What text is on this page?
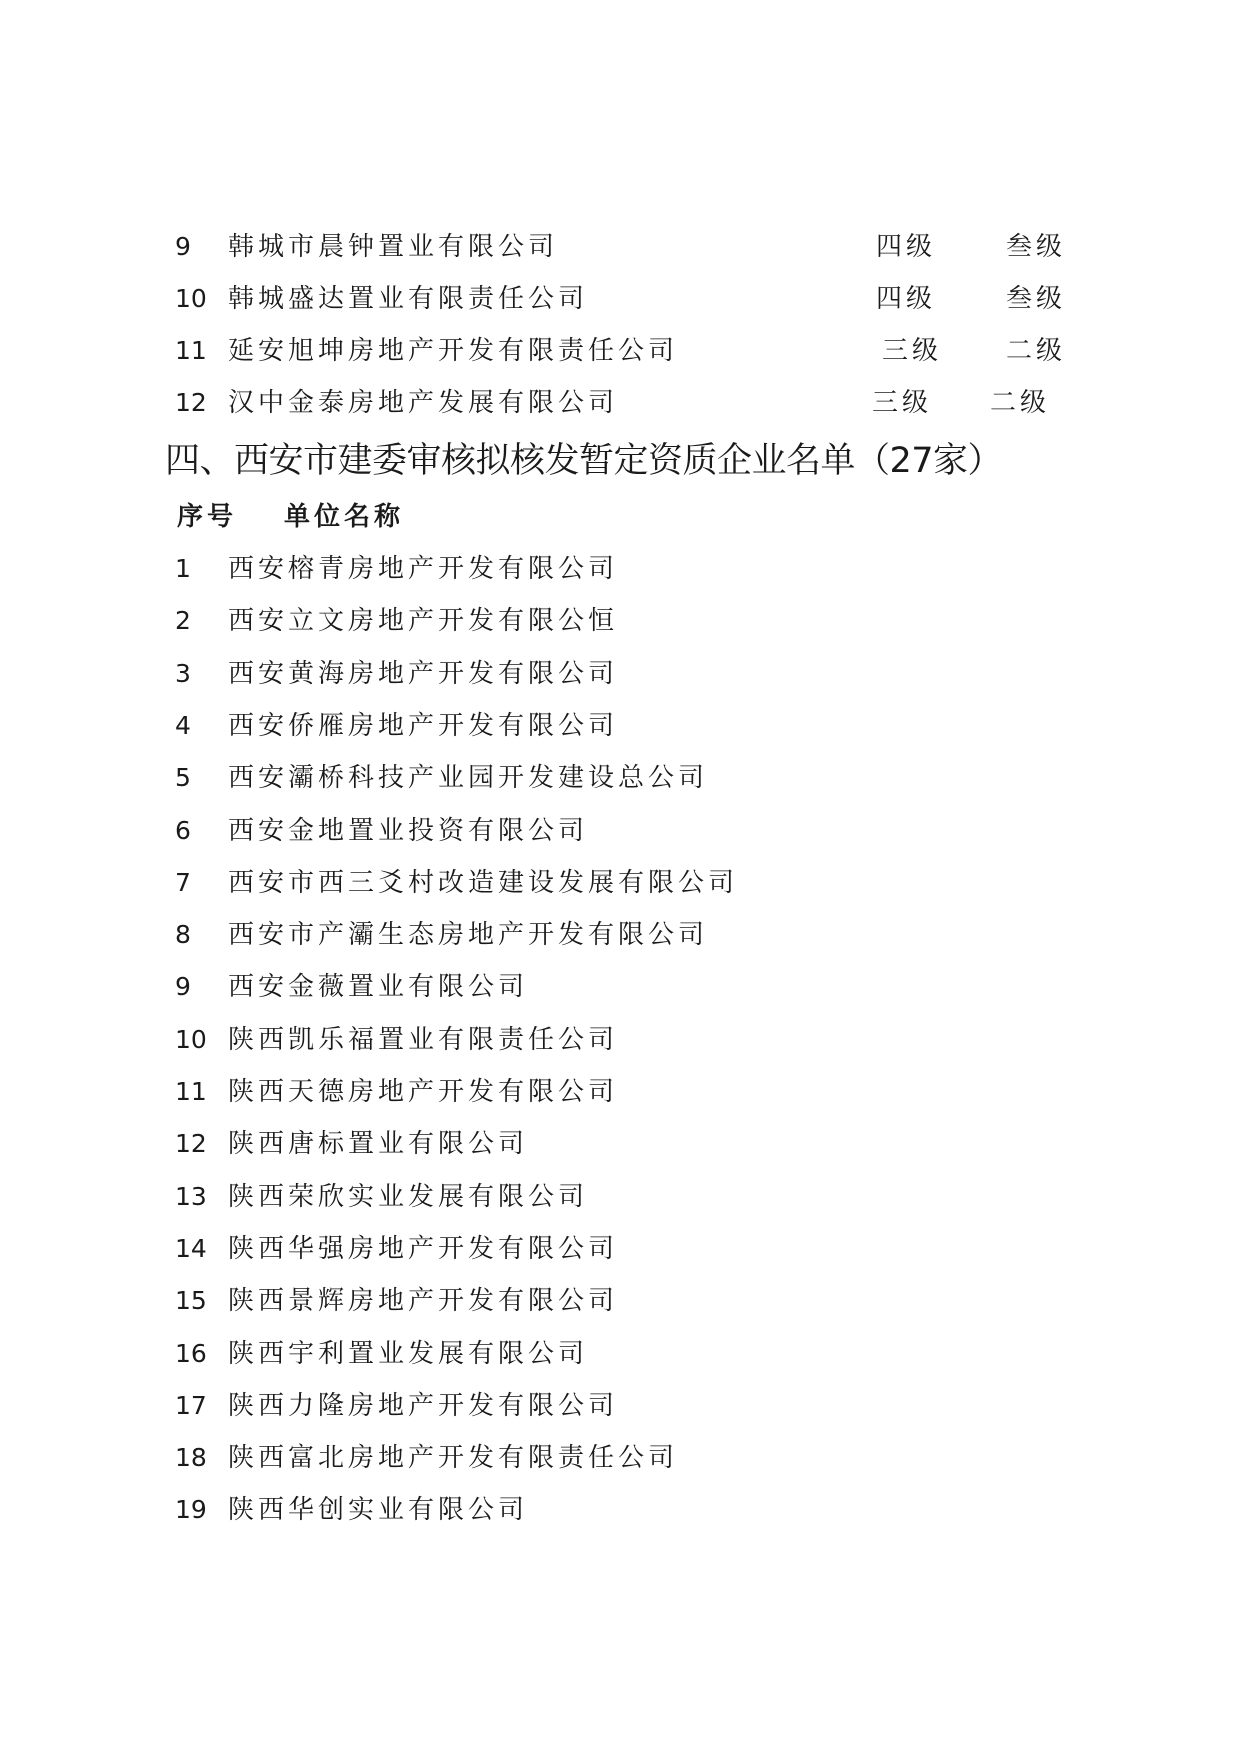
9 韩城市晨钟置业有限公司	四级	叁级
10 韩城盛达置业有限责任公司	四级	叁级
11 延安旭坤房地产开发有限责任公司	三级 二级
12 汉中金泰房地产发展有限公司	三级 二级
四、西安市建委审核拟核发暂定资质企业名单（27家）
序号 单位名称
1 西安榕青房地产开发有限公司
2 西安立文房地产开发有限公恒
3 西安黄海房地产开发有限公司
4 西安侨雁房地产开发有限公司
5 西安灞桥科技产业园开发建设总公司
6 西安金地置业投资有限公司
7 西安市西三爻村改造建设发展有限公司
8 西安市产灞生态房地产开发有限公司
9 西安金薇置业有限公司
10 陕西凯乐福置业有限责任公司
11 陕西天德房地产开发有限公司
12 陕西唐标置业有限公司
13 陕西荣欣实业发展有限公司
14 陕西华强房地产开发有限公司
15 陕西景辉房地产开发有限公司
16 陕西宇利置业发展有限公司
17 陕西力隆房地产开发有限公司
18 陕西富北房地产开发有限责任公司
19 陕西华创实业有限公司
